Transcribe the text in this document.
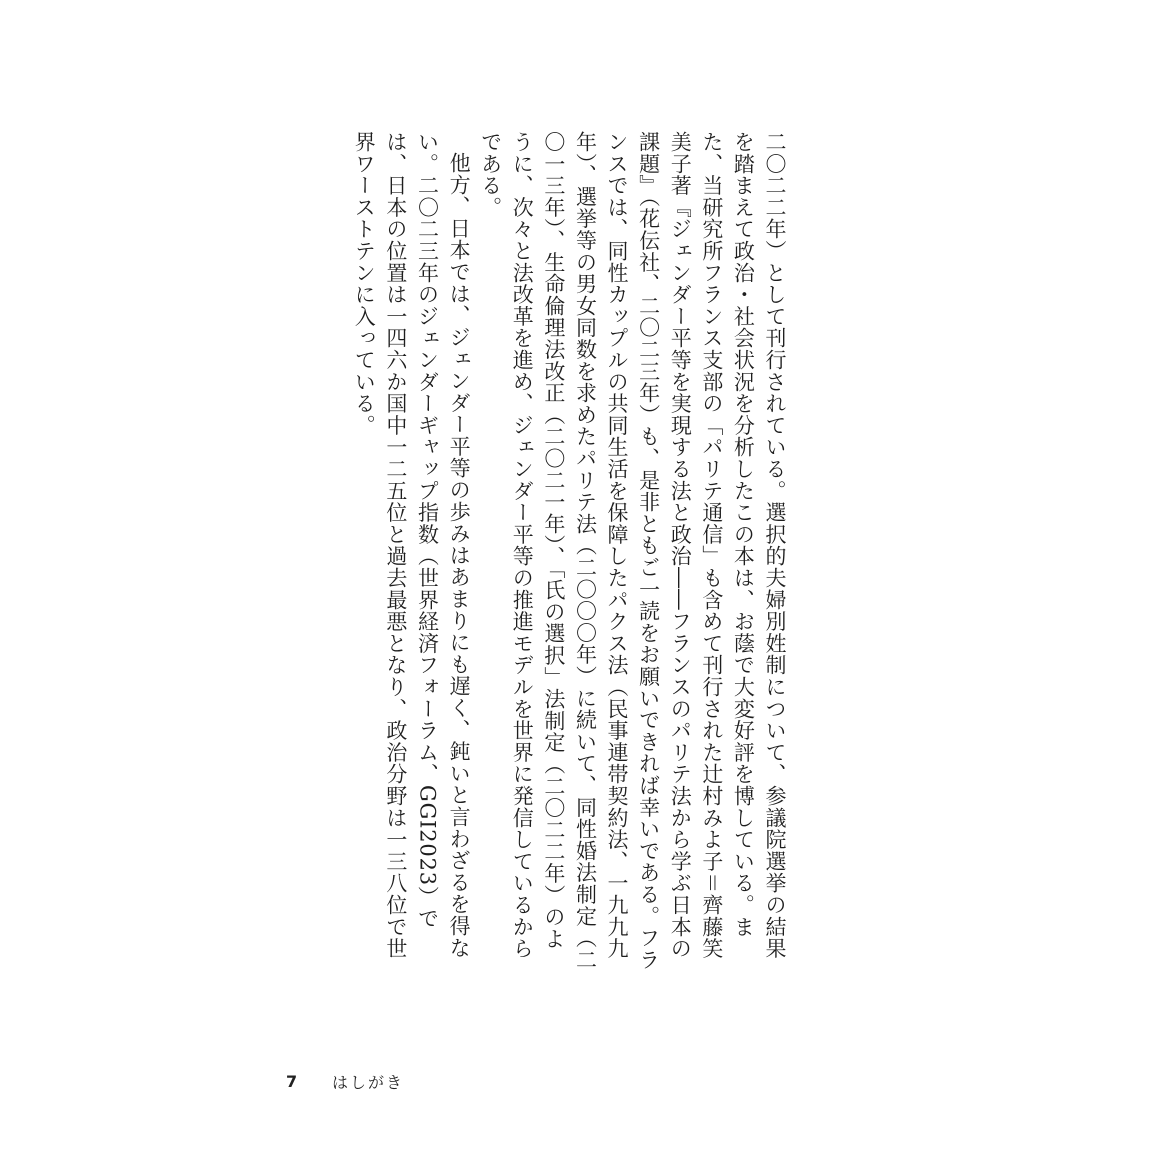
二〇二二年）として刊行されている。選択的夫婦別姓制について、参議院選挙の結果を踏まえて政治・社会状況を分析したこの本は、お蔭で大変好評を博している。また、当研究所フランス支部の「パリテ通信」も含めて刊行された辻村みよ子＝齊藤笑美子著『ジェンダー平等を実現する法と政治――フランスのパリテ法から学ぶ日本の課題』（花伝社、二〇二三年）も、是非ともご一読をお願いできれば幸いである。フランスでは、同性カップルの共同生活を保障したパクス法（民事連帯契約法、一九九九年）、選挙等の男女同数を求めたパリテ法（二〇〇〇年）に続いて、同性婚法制定（二〇一三年）、生命倫理法改正（二〇二一年）、「氏の選択」法制定（二〇二二年）のように、次々と法改革を進め、ジェンダー平等の推進モデルを世界に発信しているからである。

他方、日本では、ジェンダー平等の歩みはあまりにも遅く、鈍いと言わざるを得ない。二〇二三年のジェンダーギャップ指数（世界経済フォーラム、GGI2023）では、日本の位置は一四六か国中一二五位と過去最悪となり、政治分野は一三八位で世界ワーストテンに入っている。

7	はしがき
